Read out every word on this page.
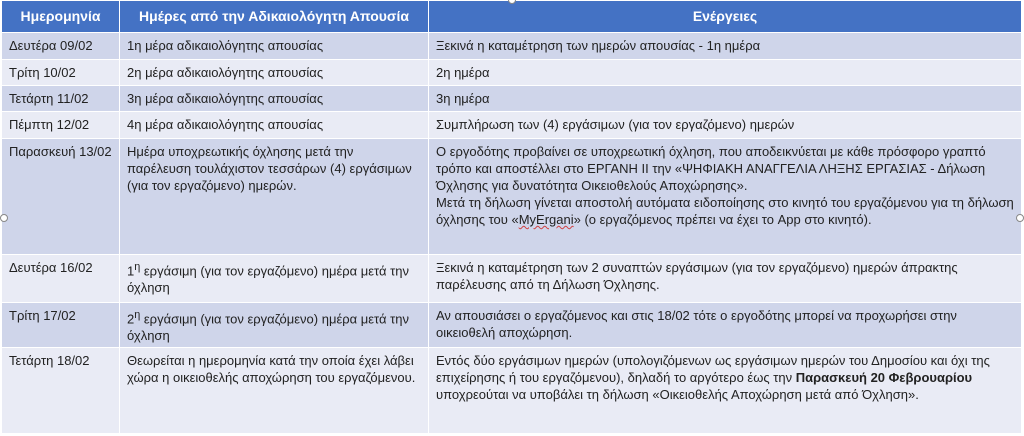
Ημερομηνία	Ημέρες από την Αδικαιολόγητη Απουσία	Ενέργειες
Δευτέρα 09/02	1η μέρα αδικαιολόγητης απουσίας	Ξεκινά η καταμέτρηση των ημερών απουσίας - 1η ημέρα
Τρίτη 10/02	2η μέρα αδικαιολόγητης απουσίας	2η ημέρα
Τετάρτη 11/02	3η μέρα αδικαιολόγητης απουσίας	3η ημέρα
Πέμπτη 12/02	4η μέρα αδικαιολόγητης απουσίας	Συμπλήρωση των (4) εργάσιμων (για τον εργαζόμενο) ημερών
Παρασκευή 13/02	Ημέρα υποχρεωτικής όχλησης μετά την παρέλευση τουλάχιστον τεσσάρων (4) εργάσιμων (για τον εργαζόμενο) ημερών.	Ο εργοδότης προβαίνει σε υποχρεωτική όχληση, που αποδεικνύεται με κάθε πρόσφορο γραπτό τρόπο και αποστέλλει στο ΕΡΓΑΝΗ ΙΙ την «ΨΗΦΙΑΚΗ ΑΝΑΓΓΕΛΙΑ ΛΗΞΗΣ ΕΡΓΑΣΙΑΣ - Δήλωση Όχλησης για δυνατότητα Οικειοθελούς Αποχώρησης».
Μετά τη δήλωση γίνεται αποστολή αυτόματα ειδοποίησης στο κινητό του εργαζόμενου για τη δήλωση όχλησης του «MyErgani» (ο εργαζόμενος πρέπει να έχει το App στο κινητό).

Δευτέρα 16/02	$1^\eta$ εργάσιμη (για τον εργαζόμενο) ημέρα μετά την όχληση	Ξεκινά η καταμέτρηση των 2 συναπτών εργάσιμων (για τον εργαζόμενο) ημερών άπρακτης παρέλευσης από τη Δήλωση Όχλησης.
Τρίτη 17/02	$2^\eta$ εργάσιμη (για τον εργαζόμενο) ημέρα μετά την όχληση	Αν απουσιάσει ο εργαζόμενος και στις 18/02 τότε ο εργοδότης μπορεί να προχωρήσει στην οικειοθελή αποχώρηση.
Τετάρτη 18/02	Θεωρείται η ημερομηνία κατά την οποία έχει λάβει χώρα η οικειοθελής αποχώρηση του εργαζόμενου.	Εντός δύο εργάσιμων ημερών (υπολογιζόμενων ως εργάσιμων ημερών του Δημοσίου και όχι της επιχείρησης ή του εργαζόμενου), δηλαδή το αργότερο έως την Παρασκευή 20 Φεβρουαρίου υποχρεούται να υποβάλει τη δήλωση «Οικειοθελής Αποχώρηση μετά από Όχληση».
